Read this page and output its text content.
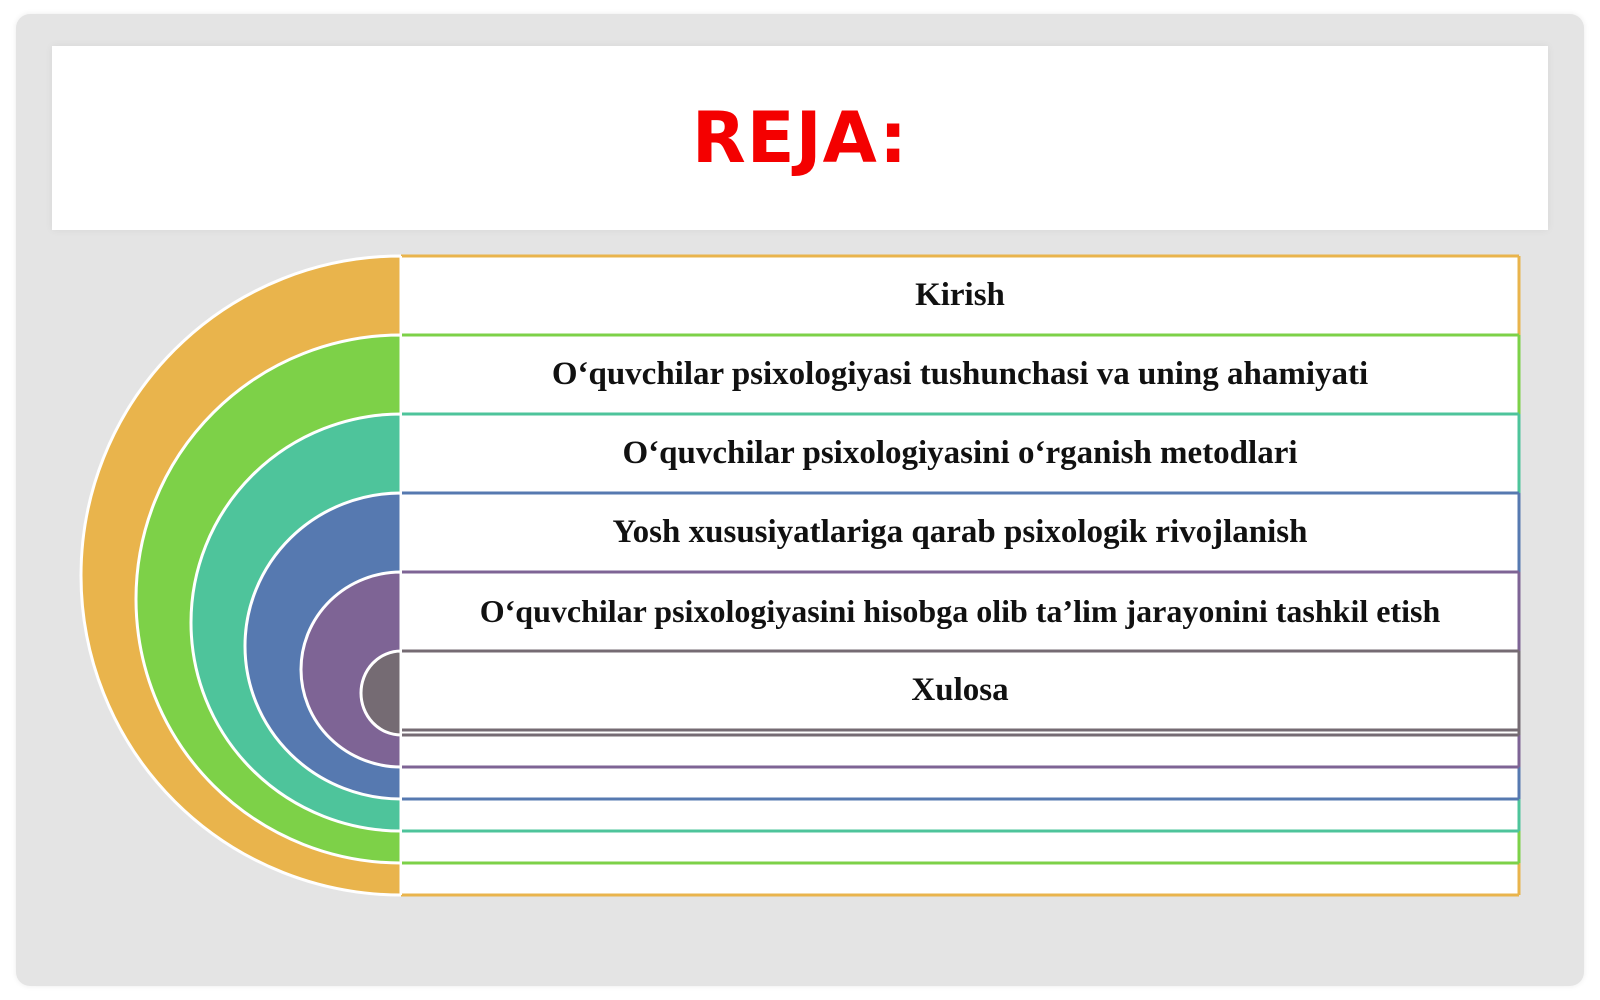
REJA:
Kirish
O‘quvchilar psixologiyasi tushunchasi va uning ahamiyati
O‘quvchilar psixologiyasini o‘rganish metodlari
Yosh xususiyatlariga qarab psixologik rivojlanish
O‘quvchilar psixologiyasini hisobga olib ta’lim jarayonini tashkil etish
Xulosa
